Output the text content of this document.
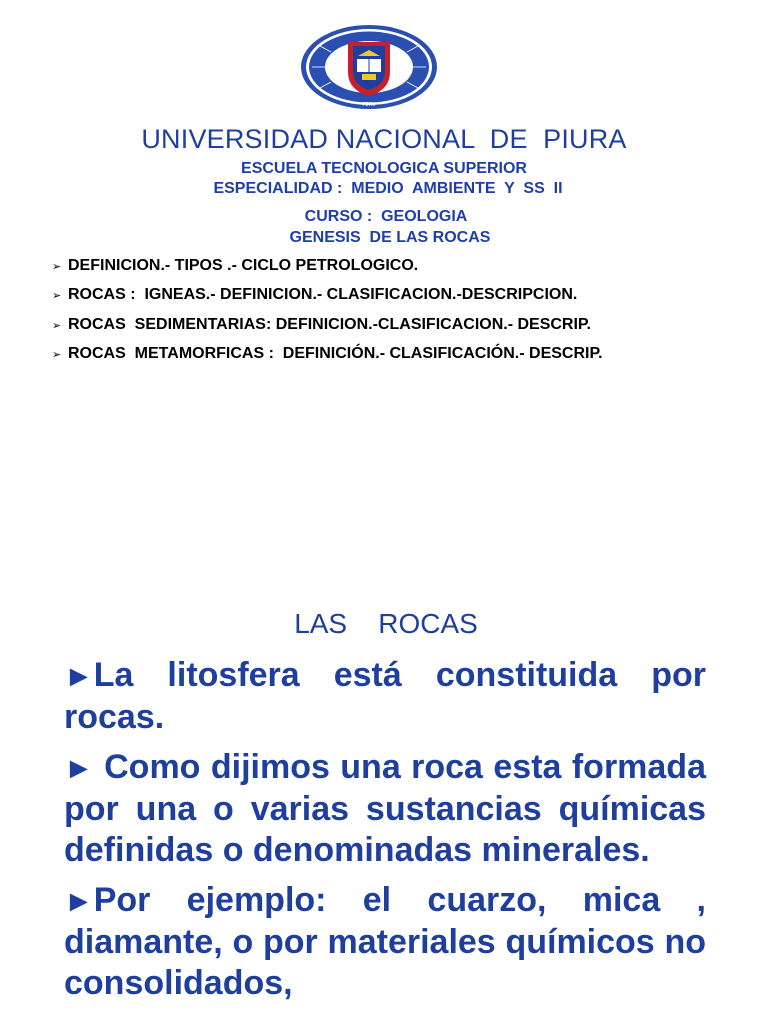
PERU
UNIVERSIDAD NACIONAL  DE  PIURA
ESCUELA TECNOLOGICA SUPERIOR
ESPECIALIDAD :  MEDIO  AMBIENTE  Y  SS  II
CURSO :  GEOLOGIA
GENESIS  DE LAS ROCAS
➢ DEFINICION.- TIPOS .- CICLO PETROLOGICO.
➢ ROCAS :  IGNEAS.- DEFINICION.- CLASIFICACION.-DESCRIPCION.
➢ ROCAS  SEDIMENTARIAS: DEFINICION.-CLASIFICACION.- DESCRIP.
➢ ROCAS  METAMORFICAS :  DEFINICIÓN.- CLASIFICACIÓN.- DESCRIP.
LAS    ROCAS

►La litosfera está constituida por rocas.

► Como dijimos una roca esta formada por una o varias sustancias químicas definidas o denominadas minerales.

►Por ejemplo: el cuarzo, mica , diamante, o por materiales químicos no consolidados,
